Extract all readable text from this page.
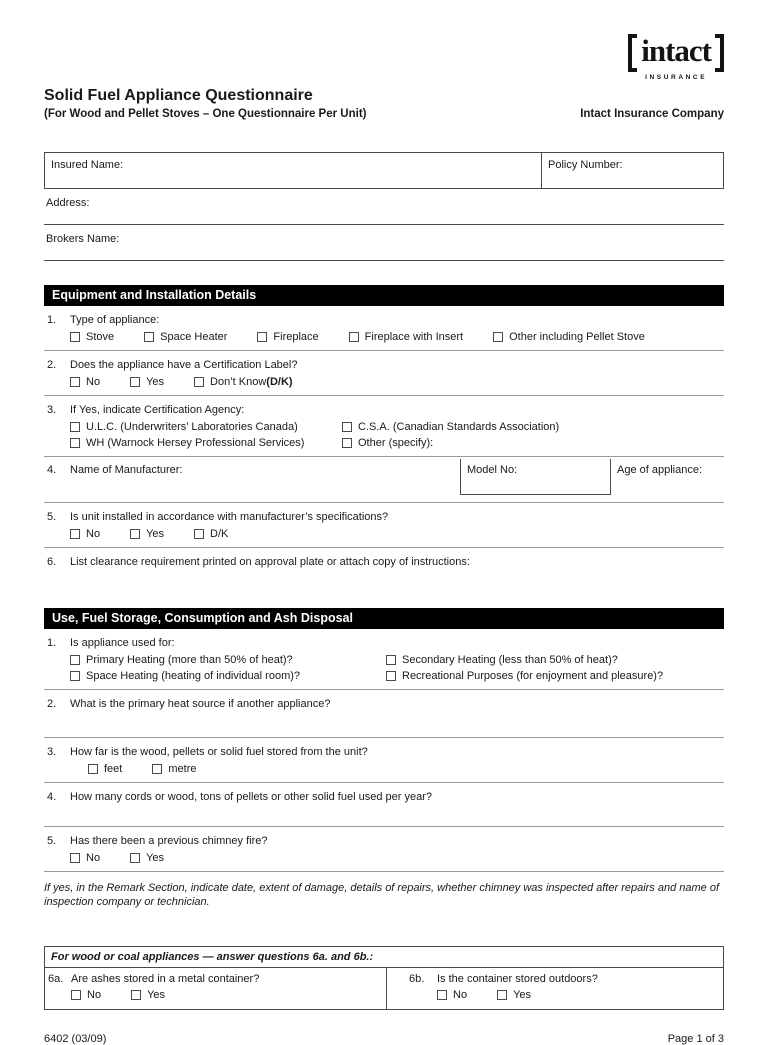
intact
INSURANCE
Solid Fuel Appliance Questionnaire
(For Wood and Pellet Stoves – One Questionnaire Per Unit)	Intact Insurance Company
Insured Name:	Policy Number:
Address:
Brokers Name:
Equipment and Installation Details
1.	Type of appliance:
Stove	Space Heater	Fireplace	Fireplace with Insert	Other including Pellet Stove
2.	Does the appliance have a Certification Label?
No	Yes	Don’t Know (D/K)
3.	If Yes, indicate Certification Agency:
U.L.C. (Underwriters’ Laboratories Canada)	C.S.A. (Canadian Standards Association)
WH (Warnock Hersey Professional Services)	Other (specify):
4.	Name of Manufacturer:	Model No:	Age of appliance:
5.	Is unit installed in accordance with manufacturer’s specifications?
No	Yes	D/K
6.	List clearance requirement printed on approval plate or attach copy of instructions:
Use, Fuel Storage, Consumption and Ash Disposal
1.	Is appliance used for:
Primary Heating (more than 50% of heat)?	Secondary Heating (less than 50% of heat)?
Space Heating (heating of individual room)?	Recreational Purposes (for enjoyment and pleasure)?
2.	What is the primary heat source if another appliance?
3.	How far is the wood, pellets or solid fuel stored from the unit?
feet	metre
4.	How many cords or wood, tons of pellets or other solid fuel used per year?
5.	Has there been a previous chimney fire?
No	Yes
If yes, in the Remark Section, indicate date, extent of damage, details of repairs, whether chimney was inspected after repairs and name of inspection company or technician.
For wood or coal appliances — answer questions 6a. and 6b.:
6a. Are ashes stored in a metal container?
No	Yes
6b.	Is the container stored outdoors?
No	Yes
6402 (03/09)	Page 1 of 3
